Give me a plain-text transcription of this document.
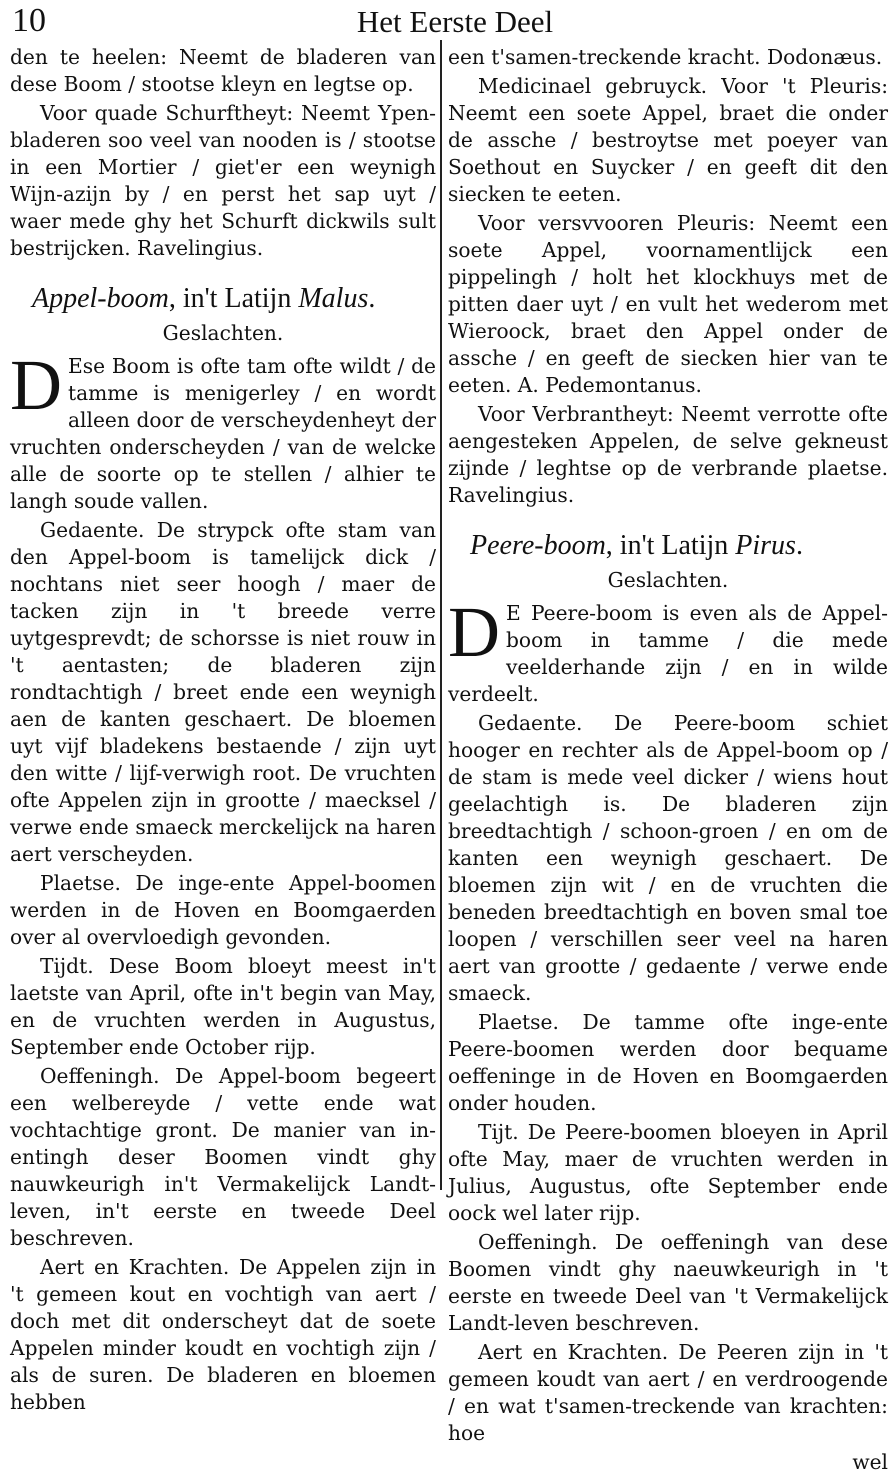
10	Het Eerste Deel

den te heelen: Neemt de bladeren van dese Boom / stootse kleyn en legtse op.

Voor quade Schurftheyt: Neemt Ypen-bladeren soo veel van nooden is / stootse in een Mortier / giet'er een weynigh Wijn-azijn by / en perst het sap uyt / waer mede ghy het Schurft dickwils sult bestrijcken. Ravelingius.

Appel-boom, in't Latijn Malus.
Geslachten.

D Ese Boom is ofte tam ofte wildt / de tamme is menigerley / en wordt alleen door de verscheydenheyt der vruchten onderscheyden / van de welcke alle de soorte op te stellen / alhier te langh soude vallen.

Gedaente. De strypck ofte stam van den Appel-boom is tamelijck dick / nochtans niet seer hoogh / maer de tacken zijn in 't breede verre uytgesprevdt; de schorsse is niet rouw in 't aentasten; de bladeren zijn rondtachtigh / breet ende een weynigh aen de kanten geschaert. De bloemen uyt vijf bladekens bestaende / zijn uyt den witte / lijf-verwigh root. De vruchten ofte Appelen zijn in grootte / maecksel / verwe ende smaeck merckelijck na haren aert verscheyden.

Plaetse. De inge-ente Appel-boomen werden in de Hoven en Boomgaerden over al overvloedigh gevonden.

Tijdt. Dese Boom bloeyt meest in't laetste van April, ofte in't begin van May, en de vruchten werden in Augustus, September ende October rijp.

Oeffeningh. De Appel-boom begeert een welbereyde / vette ende wat vochtachtige gront. De manier van in-entingh deser Boomen vindt ghy nauwkeurigh in't Vermakelijck Landt-leven, in't eerste en tweede Deel beschreven.

Aert en Krachten. De Appelen zijn in 't gemeen kout en vochtigh van aert / doch met dit onderscheyt dat de soete Appelen minder koudt en vochtigh zijn / als de suren. De bladeren en bloemen hebben

een t'samen-treckende kracht. Dodonæus.

Medicinael gebruyck. Voor 't Pleuris: Neemt een soete Appel, braet die onder de assche / bestroytse met poeyer van Soethout en Suycker / en geeft dit den siecken te eeten.

Voor versvvooren Pleuris: Neemt een soete Appel, voornamentlijck een pippelingh / holt het klockhuys met de pitten daer uyt / en vult het wederom met Wieroock, braet den Appel onder de assche / en geeft de siecken hier van te eeten. A. Pedemontanus.

Voor Verbrantheyt: Neemt verrotte ofte aengesteken Appelen, de selve gekneust zijnde / leghtse op de verbrande plaetse. Ravelingius.

Peere-boom, in't Latijn Pirus.
Geslachten.

D E Peere-boom is even als de Appel-boom in tamme / die mede veelderhande zijn / en in wilde verdeelt.

Gedaente. De Peere-boom schiet hooger en rechter als de Appel-boom op / de stam is mede veel dicker / wiens hout geelachtigh is. De bladeren zijn breedtachtigh / schoon-groen / en om de kanten een weynigh geschaert. De bloemen zijn wit / en de vruchten die beneden breedtachtigh en boven smal toe loopen / verschillen seer veel na haren aert van grootte / gedaente / verwe ende smaeck.

Plaetse. De tamme ofte inge-ente Peere-boomen werden door bequame oeffeninge in de Hoven en Boomgaerden onder houden.

Tijt. De Peere-boomen bloeyen in April ofte May, maer de vruchten werden in Julius, Augustus, ofte September ende oock wel later rijp.

Oeffeningh. De oeffeningh van dese Boomen vindt ghy naeuwkeurigh in 't eerste en tweede Deel van 't Vermakelijck Landt-leven beschreven.

Aert en Krachten. De Peeren zijn in 't gemeen koudt van aert / en verdroogende / en wat t'samen-treckende van krachten: hoe

wel
